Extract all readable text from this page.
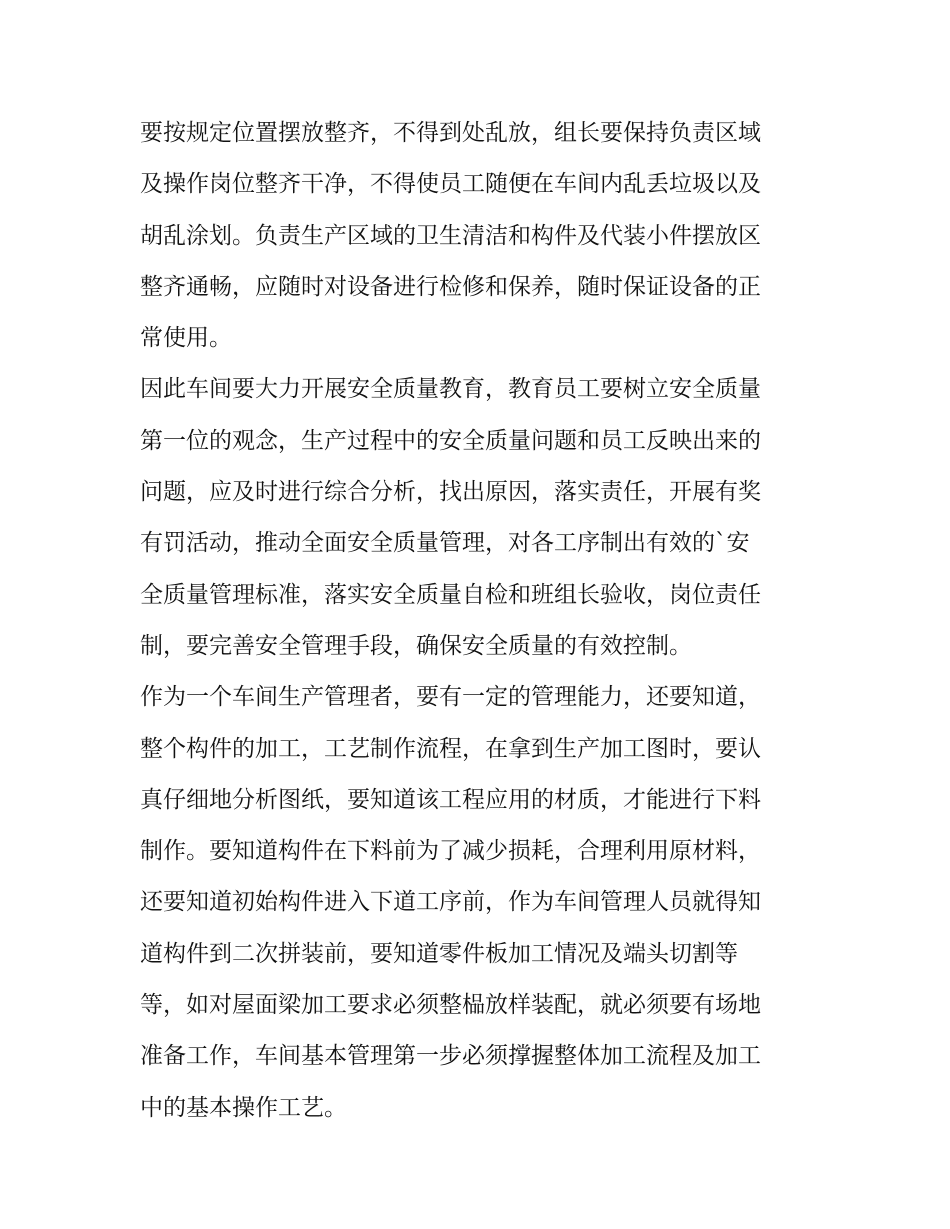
要按规定位置摆放整齐，不得到处乱放，组长要保持负责区域
及操作岗位整齐干净，不得使员工随便在车间内乱丢垃圾以及
胡乱涂划。负责生产区域的卫生清洁和构件及代装小件摆放区
整齐通畅，应随时对设备进行检修和保养，随时保证设备的正
常使用。
因此车间要大力开展安全质量教育，教育员工要树立安全质量
第一位的观念，生产过程中的安全质量问题和员工反映出来的
问题，应及时进行综合分析，找出原因，落实责任，开展有奖
有罚活动，推动全面安全质量管理，对各工序制出有效的`安
全质量管理标准，落实安全质量自检和班组长验收，岗位责任
制，要完善安全管理手段，确保安全质量的有效控制。
作为一个车间生产管理者，要有一定的管理能力，还要知道，
整个构件的加工，工艺制作流程，在拿到生产加工图时，要认
真仔细地分析图纸，要知道该工程应用的材质，才能进行下料
制作。要知道构件在下料前为了减少损耗，合理利用原材料，
还要知道初始构件进入下道工序前，作为车间管理人员就得知
道构件到二次拼装前，要知道零件板加工情况及端头切割等
等，如对屋面梁加工要求必须整榀放样装配，就必须要有场地
准备工作，车间基本管理第一步必须撑握整体加工流程及加工
中的基本操作工艺。
